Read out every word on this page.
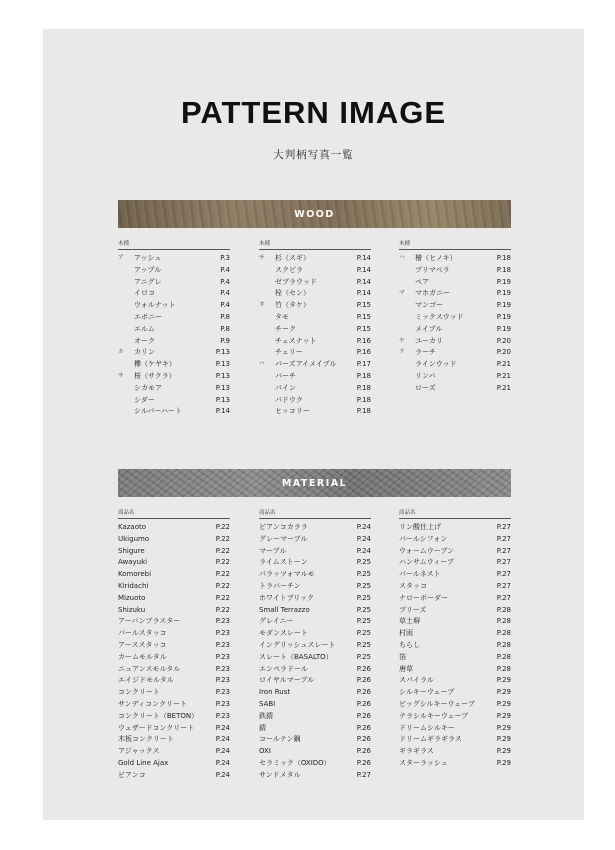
PATTERN IMAGE
大判柄写真一覧
WOOD
木種
ア	アッシュ	P.3
アップル	P.4
アニグレ	P.4
イロコ	P.4
ウォルナット	P.4
エボニー	P.8
エルム	P.8
オーク	P.9
カ	カリン	P.13
欅（ケヤキ）	P.13
サ	桜（サクラ）	P.13
シカモア	P.13
シダー	P.13
シルバーハート	P.14
木種
サ	杉（スギ）	P.14
スクピラ	P.14
ゼブラウッド	P.14
栓（セン）	P.14
タ	竹（タケ）	P.15
タモ	P.15
チーク	P.15
チェスナット	P.16
チェリー	P.16
ハ	バーズアイメイプル	P.17
バーチ	P.18
パイン	P.18
パドウク	P.18
ヒッコリー	P.18
木種
ハ	檜（ヒノキ）	P.18
プリマベラ	P.18
ペア	P.19
マ	マホガニー	P.19
マンゴー	P.19
ミックスウッド	P.19
メイプル	P.19
ヤ	ユーカリ	P.20
ラ	ラーチ	P.20
ラインウッド	P.21
リンバ	P.21
ローズ	P.21
MATERIAL
商品名
Kazaoto	P.22
Ukigumo	P.22
Shigure	P.22
Awayuki	P.22
Komorebi	P.22
Kiridachi	P.22
Mizuoto	P.22
Shizuku	P.22
アーバンプラスター	P.23
パールスタッコ	P.23
アーススタッコ	P.23
カームモルタル	P.23
ニュアンスモルタル	P.23
エイジドモルタル	P.23
コンクリート	P.23
サンディコンクリート	P.23
コンクリート（BETON）	P.23
ウェザードコンクリート	P.24
木板コンクリート	P.24
アジャックス	P.24
Gold Line Ajax	P.24
ビアンコ	P.24
商品名
ビアンコカララ	P.24
グレーマーブル	P.24
マーブル	P.24
ライムストーン	P.25
パラッツォマルモ	P.25
トラバーチン	P.25
ホワイトブリック	P.25
Small Terrazzo	P.25
グレイニー	P.25
モダンスレート	P.25
イングリッシュスレート	P.25
スレート（BASALTO）	P.25
エンペラドール	P.26
ロイヤルマーブル	P.26
Iron Rust	P.26
SABI	P.26
鉄錆	P.26
錆	P.26
コールテン鋼	P.26
OXI	P.26
セラミック（OXIDO）	P.26
サンドメタル	P.27
商品名
リン酸仕上げ	P.27
パールシフォン	P.27
ウォームウーブン	P.27
ハンサムウィーブ	P.27
パールネスト	P.27
スタッコ	P.27
ナローボーダー	P.27
ブリーズ	P.28
草土塀	P.28
村雨	P.28
ちらし	P.28
箔	P.28
唐草	P.28
スパイラル	P.29
シルキーウェーブ	P.29
ビッグシルキーウェーブ	P.29
テラシルキーウェーブ	P.29
ドリームシルキー	P.29
ドリームギラギラス	P.29
ギラギラス	P.29
スターラッシュ	P.29
